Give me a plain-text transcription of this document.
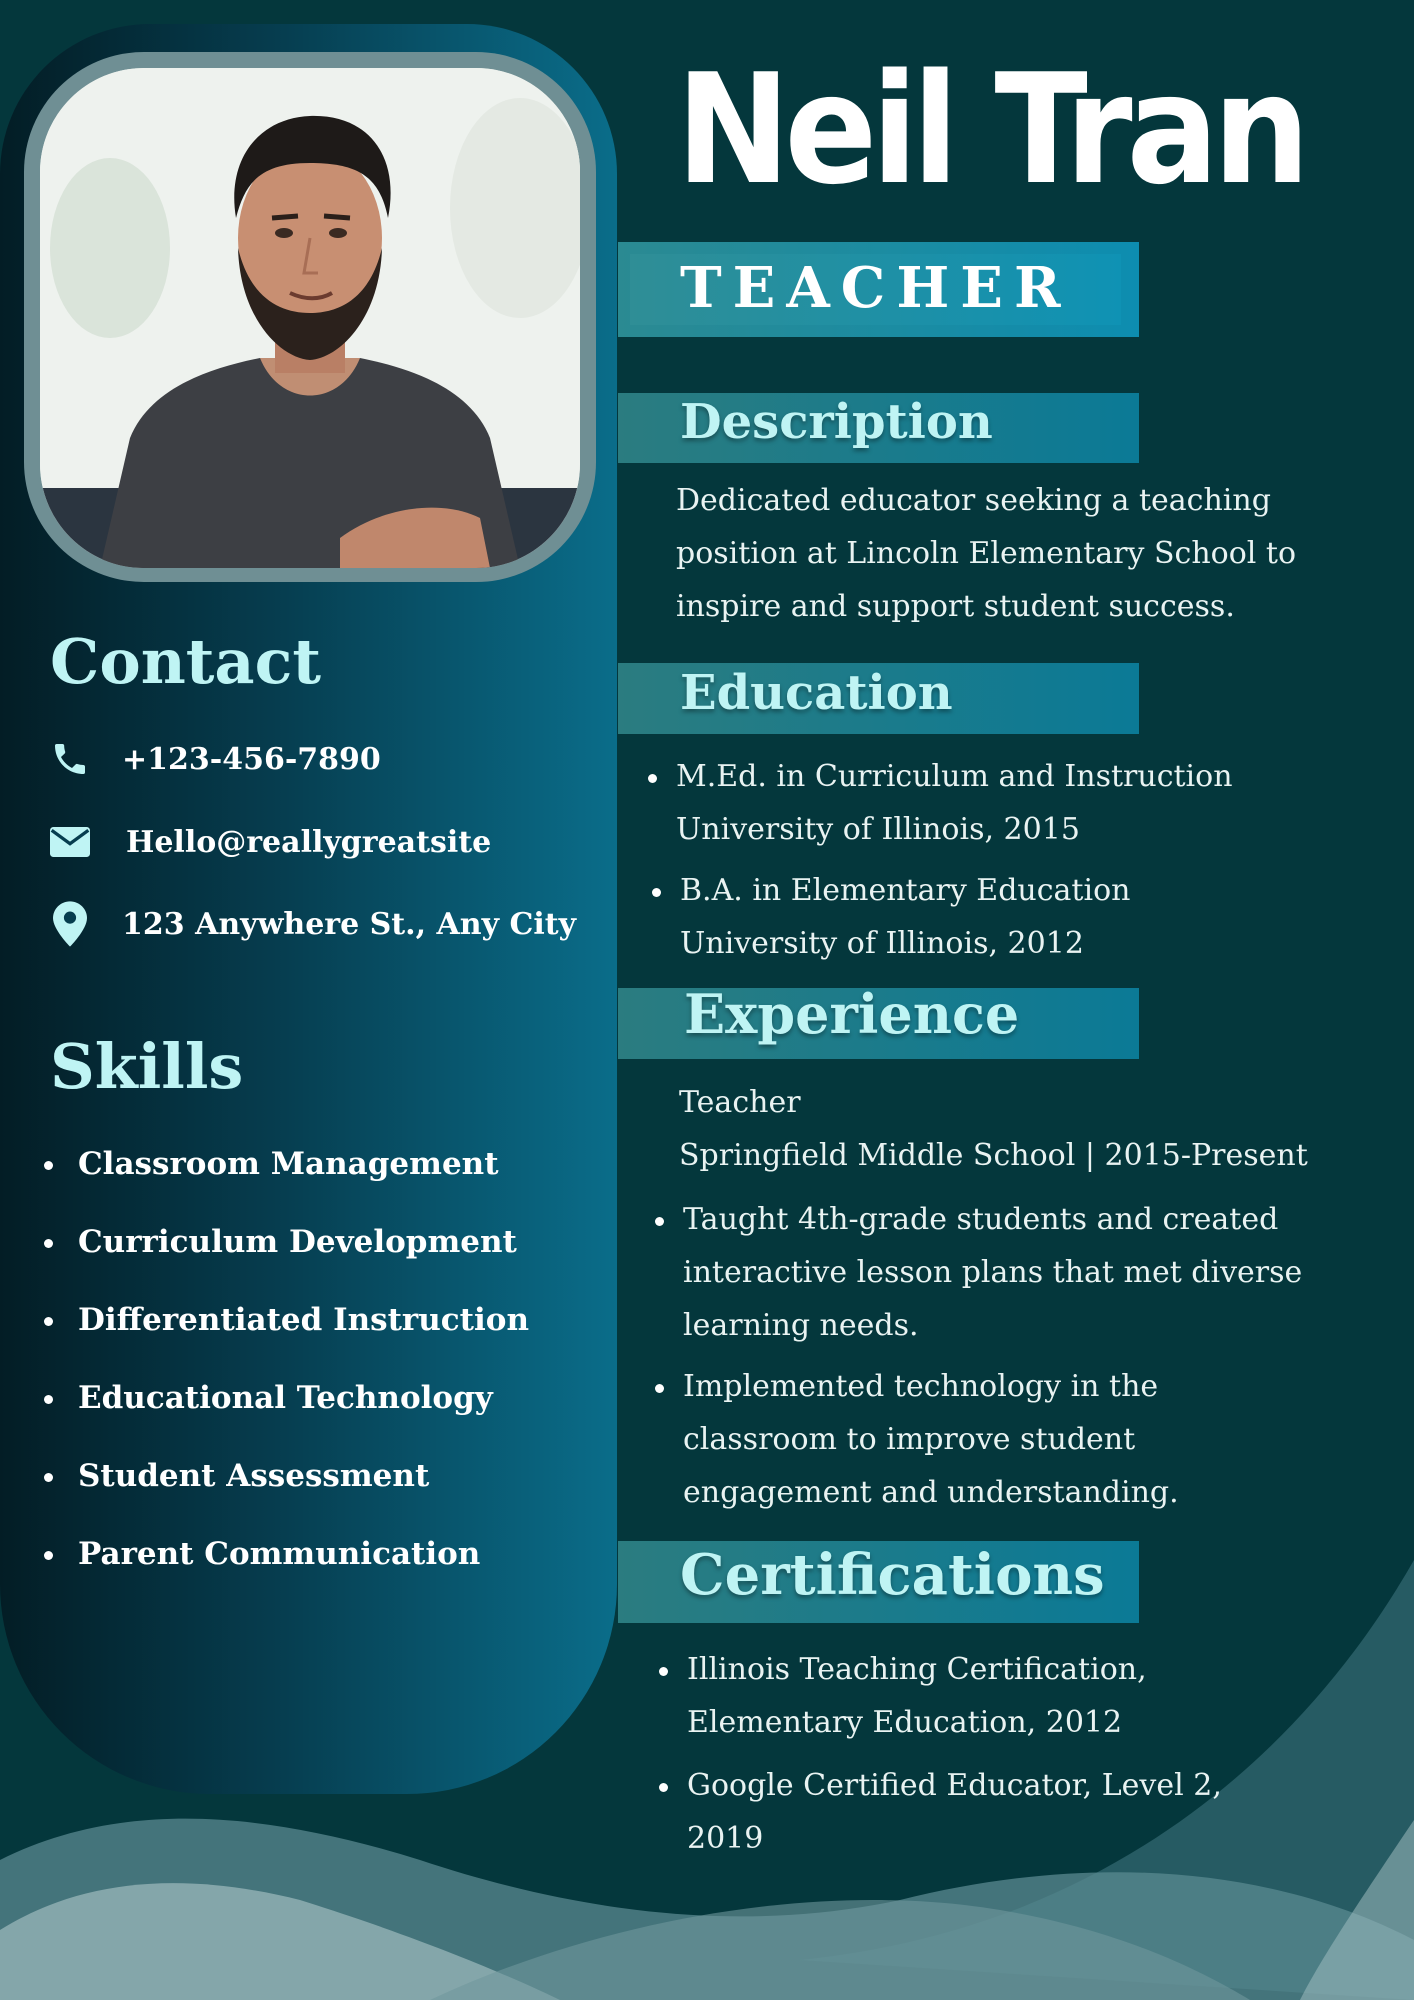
Contact
+123-456-7890
Hello@reallygreatsite
123 Anywhere St., Any City
Skills
Classroom Management
Curriculum Development
Differentiated Instruction
Educational Technology
Student Assessment
Parent Communication
Neil Tran
TEACHER
Description
Dedicated educator seeking a teaching
position at Lincoln Elementary School to
inspire and support student success.
Education
M.Ed. in Curriculum and Instruction
University of Illinois, 2015
B.A. in Elementary Education
University of Illinois, 2012
Experience
Teacher
Springfield Middle School | 2015-Present
Taught 4th-grade students and created
interactive lesson plans that met diverse
learning needs.
Implemented technology in the
classroom to improve student
engagement and understanding.
Certifications
Illinois Teaching Certification,
Elementary Education, 2012
Google Certified Educator, Level 2,
2019
